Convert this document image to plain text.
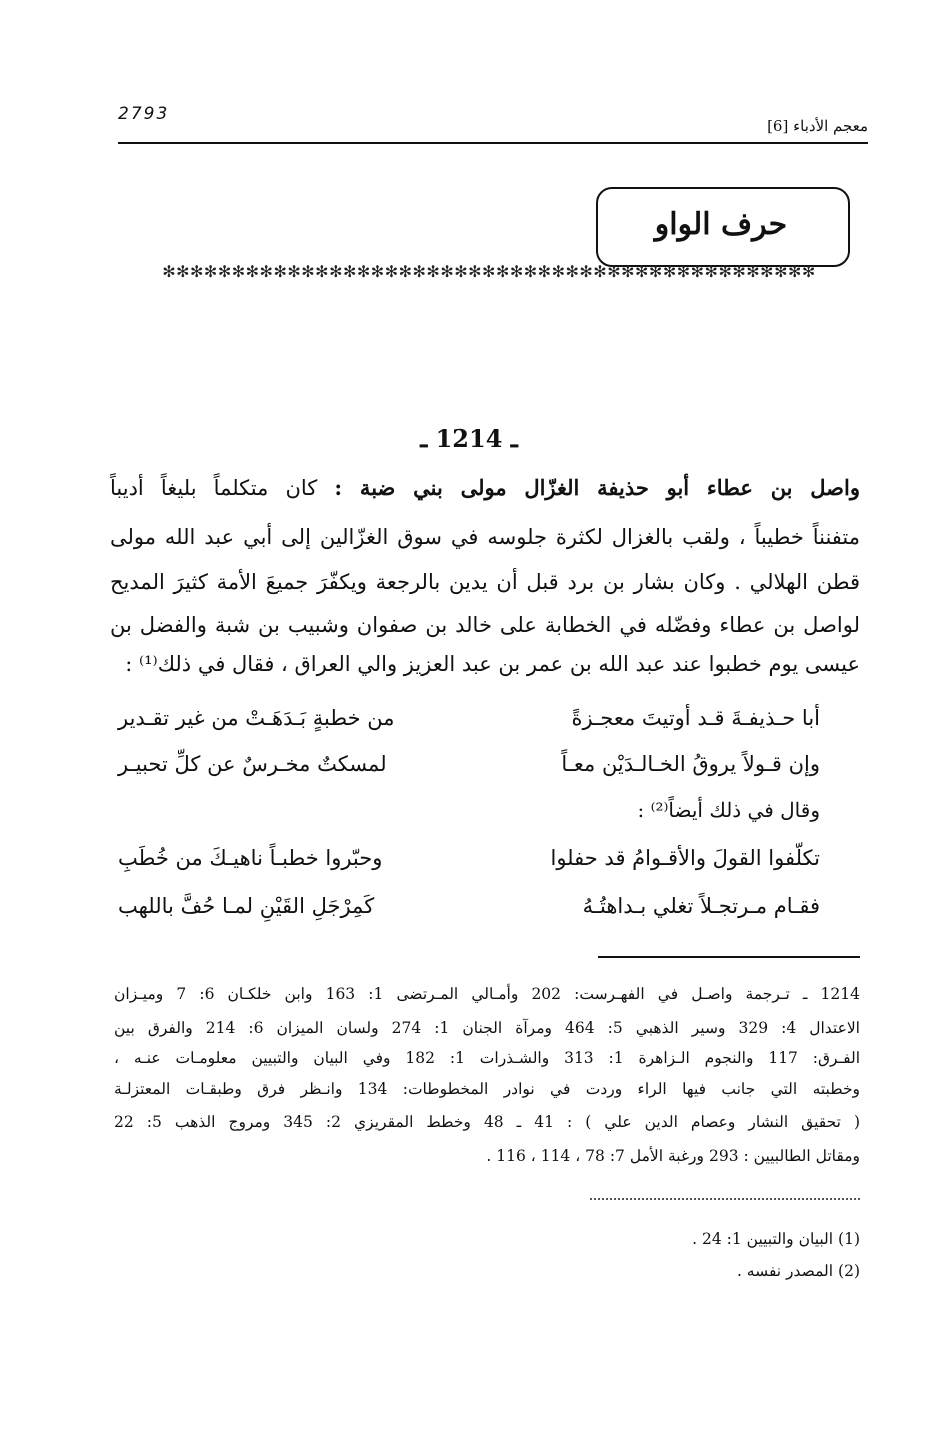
2793
معجم الأدباء [6]
حرف الواو
✻✻✻✻✻✻✻✻✻✻✻✻✻✻✻✻✻✻✻✻✻✻✻✻✻✻✻✻✻✻✻✻✻✻✻✻✻✻✻✻✻✻✻✻✻✻✻
ـ 1214 ـ
واصل بن عطاء أبو حذيفة الغزّال مولى بني ضبة : كان متكلماً بليغاً أديباً
متفنناً خطيباً ، ولقب بالغزال لكثرة جلوسه في سوق الغزّالين إلى أبي عبد الله مولى
قطن الهلالي . وكان بشار بن برد قبل أن يدين بالرجعة ويكفّرَ جميعَ الأمة كثيرَ المديح
لواصل بن عطاء وفضّله في الخطابة على خالد بن صفوان وشبيب بن شبة والفضل بن
عيسى يوم خطبوا عند عبد الله بن عمر بن عبد العزيز والي العراق ، فقال في ذلك⁽¹⁾ :
أبا حـذيفـةَ قـد أوتيتَ معجـزةً
من خطبةٍ بَـدَهَـتْ من غير تقـدير
وإن قـولاً يروقُ الخـالـدَيْن معـاً
لمسكتٌ مخـرسٌ عن كلِّ تحبيـر
وقال في ذلك أيضاً⁽²⁾ :
تكلّفوا القولَ والأقـوامُ قد حفلوا
وحبّروا خطبـاً ناهيـكَ من خُطَبِ
فقـام مـرتجـلاً تغلي بـداهتُـهُ
كَمِرْجَلِ القَيْنِ لمـا حُفَّ باللهب
1214 ـ تـرجمة واصـل في الفهـرست: 202 وأمـالي المـرتضى 1: 163 وابن خلكـان 6: 7 وميـزان
الاعتدال 4: 329 وسير الذهبي 5: 464 ومرآة الجنان 1: 274 ولسان الميزان 6: 214 والفرق بين
الفـرق: 117 والنجوم الـزاهرة 1: 313 والشـذرات 1: 182 وفي البيان والتبيين معلومـات عنـه ،
وخطبته التي جانب فيها الراء وردت في نوادر المخطوطات: 134 وانـظر فرق وطبقـات المعتزلـة
( تحقيق النشار وعصام الدين علي ) : 41 ـ 48 وخطط المقريزي 2: 345 ومروج الذهب 5: 22
ومقاتل الطالبيين : 293 ورغبة الأمل 7: 78 ، 114 ، 116 .
(1) البيان والتبيين 1: 24 .
(2) المصدر نفسه .
